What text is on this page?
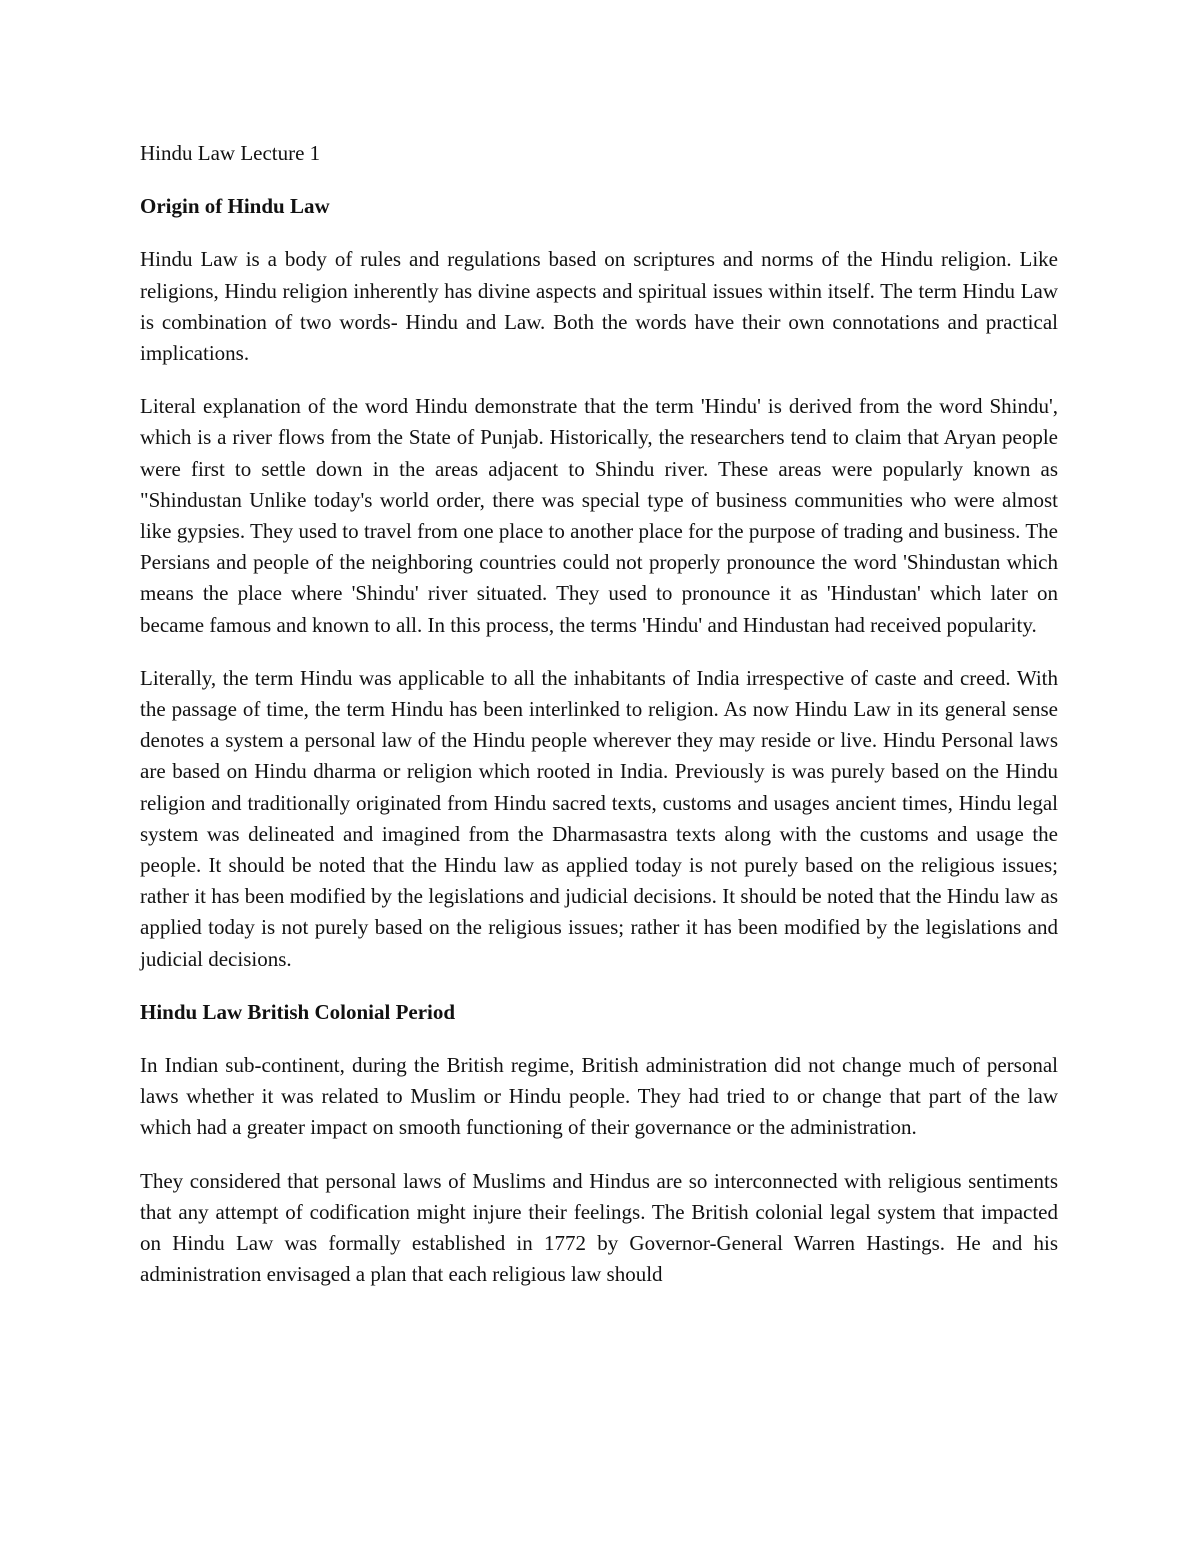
Hindu Law Lecture 1

Origin of Hindu Law

Hindu Law is a body of rules and regulations based on scriptures and norms of the Hindu religion. Like religions, Hindu religion inherently has divine aspects and spiritual issues within itself. The term Hindu Law is combination of two words- Hindu and Law. Both the words have their own connotations and practical implications.

Literal explanation of the word Hindu demonstrate that the term 'Hindu' is derived from the word Shindu', which is a river flows from the State of Punjab. Historically, the researchers tend to claim that Aryan people were first to settle down in the areas adjacent to Shindu river. These areas were popularly known as "Shindustan Unlike today's world order, there was special type of business communities who were almost like gypsies. They used to travel from one place to another place for the purpose of trading and business. The Persians and people of the neighboring countries could not properly pronounce the word 'Shindustan which means the place where 'Shindu' river situated. They used to pronounce it as 'Hindustan' which later on became famous and known to all. In this process, the terms 'Hindu' and Hindustan had received popularity.

Literally, the term Hindu was applicable to all the inhabitants of India irrespective of caste and creed. With the passage of time, the term Hindu has been interlinked to religion. As now Hindu Law in its general sense denotes a system a personal law of the Hindu people wherever they may reside or live. Hindu Personal laws are based on Hindu dharma or religion which rooted in India. Previously is was purely based on the Hindu religion and traditionally originated from Hindu sacred texts, customs and usages ancient times, Hindu legal system was delineated and imagined from the Dharmasastra texts along with the customs and usage the people. It should be noted that the Hindu law as applied today is not purely based on the religious issues; rather it has been modified by the legislations and judicial decisions. It should be noted that the Hindu law as applied today is not purely based on the religious issues; rather it has been modified by the legislations and judicial decisions.

Hindu Law British Colonial Period

In Indian sub-continent, during the British regime, British administration did not change much of personal laws whether it was related to Muslim or Hindu people. They had tried to or change that part of the law which had a greater impact on smooth functioning of their governance or the administration.

They considered that personal laws of Muslims and Hindus are so interconnected with religious sentiments that any attempt of codification might injure their feelings. The British colonial legal system that impacted on Hindu Law was formally established in 1772 by Governor-General Warren Hastings. He and his administration envisaged a plan that each religious law should
